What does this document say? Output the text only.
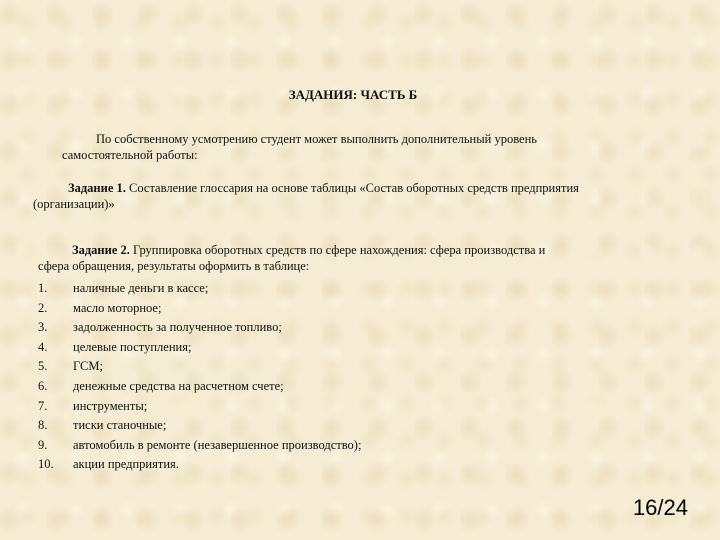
ЗАДАНИЯ: ЧАСТЬ Б
По собственному усмотрению студент может выполнить дополнительный уровень
самостоятельной работы:
Задание 1. Составление глоссария на основе таблицы «Состав оборотных средств предприятия
(организации)»
Задание 2. Группировка оборотных средств по сфере нахождения: сфера производства и
сфера обращения, результаты оформить в таблице:
1.	наличные деньги в кассе;
2.	масло моторное;
3.	задолженность за полученное топливо;
4.	целевые поступления;
5.	ГСМ;
6.	денежные средства на расчетном счете;
7.	инструменты;
8.	тиски станочные;
9.	автомобиль в ремонте (незавершенное производство);
10.	акции предприятия.
16/24
